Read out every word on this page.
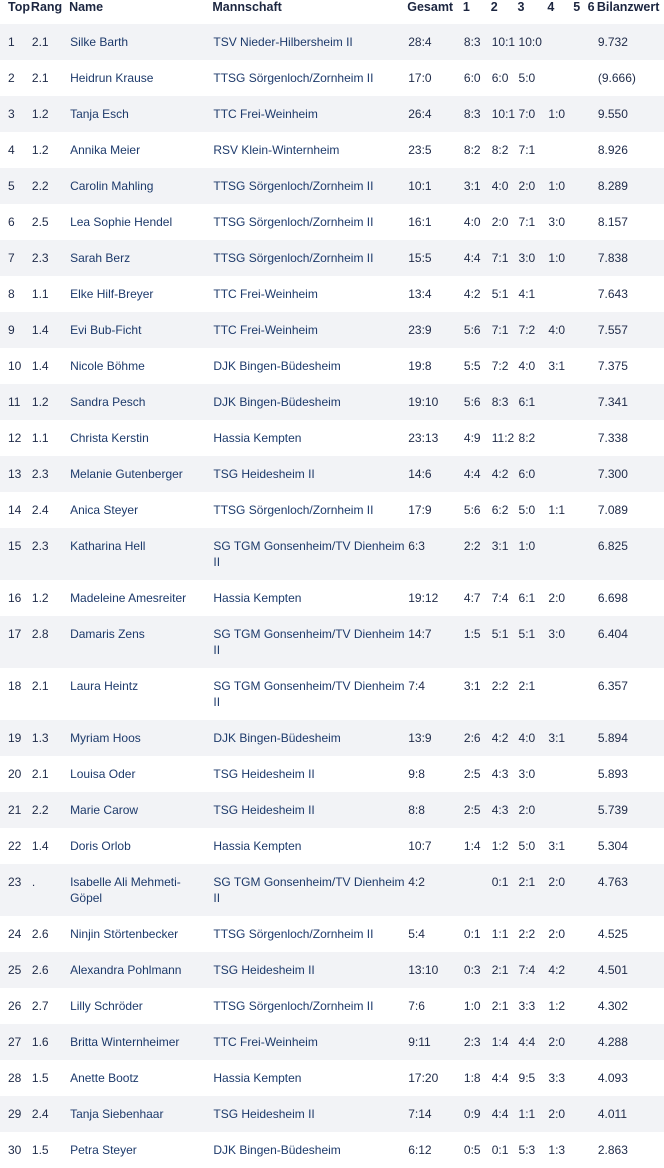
Top	Rang	Name	Mannschaft	Gesamt	1	2	3	4	5	6	Bilanzwert
1	2.1	Silke Barth	TSV Nieder-Hilbersheim II	28:4	8:3	10:1	10:0				9.732
2	2.1	Heidrun Krause	TTSG Sörgenloch/Zornheim II	17:0	6:0	6:0	5:0				(9.666)
3	1.2	Tanja Esch	TTC Frei-Weinheim	26:4	8:3	10:1	7:0	1:0			9.550
4	1.2	Annika Meier	RSV Klein-Winternheim	23:5	8:2	8:2	7:1				8.926
5	2.2	Carolin Mahling	TTSG Sörgenloch/Zornheim II	10:1	3:1	4:0	2:0	1:0			8.289
6	2.5	Lea Sophie Hendel	TTSG Sörgenloch/Zornheim II	16:1	4:0	2:0	7:1	3:0			8.157
7	2.3	Sarah Berz	TTSG Sörgenloch/Zornheim II	15:5	4:4	7:1	3:0	1:0			7.838
8	1.1	Elke Hilf-Breyer	TTC Frei-Weinheim	13:4	4:2	5:1	4:1				7.643
9	1.4	Evi Bub-Ficht	TTC Frei-Weinheim	23:9	5:6	7:1	7:2	4:0			7.557
10	1.4	Nicole Böhme	DJK Bingen-Büdesheim	19:8	5:5	7:2	4:0	3:1			7.375
11	1.2	Sandra Pesch	DJK Bingen-Büdesheim	19:10	5:6	8:3	6:1				7.341
12	1.1	Christa Kerstin	Hassia Kempten	23:13	4:9	11:2	8:2				7.338
13	2.3	Melanie Gutenberger	TSG Heidesheim II	14:6	4:4	4:2	6:0				7.300
14	2.4	Anica Steyer	TTSG Sörgenloch/Zornheim II	17:9	5:6	6:2	5:0	1:1			7.089
15	2.3	Katharina Hell	SG TGM Gonsenheim/TV Dienheim II	6:3	2:2	3:1	1:0				6.825
16	1.2	Madeleine Amesreiter	Hassia Kempten	19:12	4:7	7:4	6:1	2:0			6.698
17	2.8	Damaris Zens	SG TGM Gonsenheim/TV Dienheim II	14:7	1:5	5:1	5:1	3:0			6.404
18	2.1	Laura Heintz	SG TGM Gonsenheim/TV Dienheim II	7:4	3:1	2:2	2:1				6.357
19	1.3	Myriam Hoos	DJK Bingen-Büdesheim	13:9	2:6	4:2	4:0	3:1			5.894
20	2.1	Louisa Oder	TSG Heidesheim II	9:8	2:5	4:3	3:0				5.893
21	2.2	Marie Carow	TSG Heidesheim II	8:8	2:5	4:3	2:0				5.739
22	1.4	Doris Orlob	Hassia Kempten	10:7	1:4	1:2	5:0	3:1			5.304
23	.	Isabelle Ali Mehmeti-Göpel	SG TGM Gonsenheim/TV Dienheim II	4:2		0:1	2:1	2:0			4.763
24	2.6	Ninjin Störtenbecker	TTSG Sörgenloch/Zornheim II	5:4	0:1	1:1	2:2	2:0			4.525
25	2.6	Alexandra Pohlmann	TSG Heidesheim II	13:10	0:3	2:1	7:4	4:2			4.501
26	2.7	Lilly Schröder	TTSG Sörgenloch/Zornheim II	7:6	1:0	2:1	3:3	1:2			4.302
27	1.6	Britta Winternheimer	TTC Frei-Weinheim	9:11	2:3	1:4	4:4	2:0			4.288
28	1.5	Anette Bootz	Hassia Kempten	17:20	1:8	4:4	9:5	3:3			4.093
29	2.4	Tanja Siebenhaar	TSG Heidesheim II	7:14	0:9	4:4	1:1	2:0			4.011
30	1.5	Petra Steyer	DJK Bingen-Büdesheim	6:12	0:5	0:1	5:3	1:3			2.863
